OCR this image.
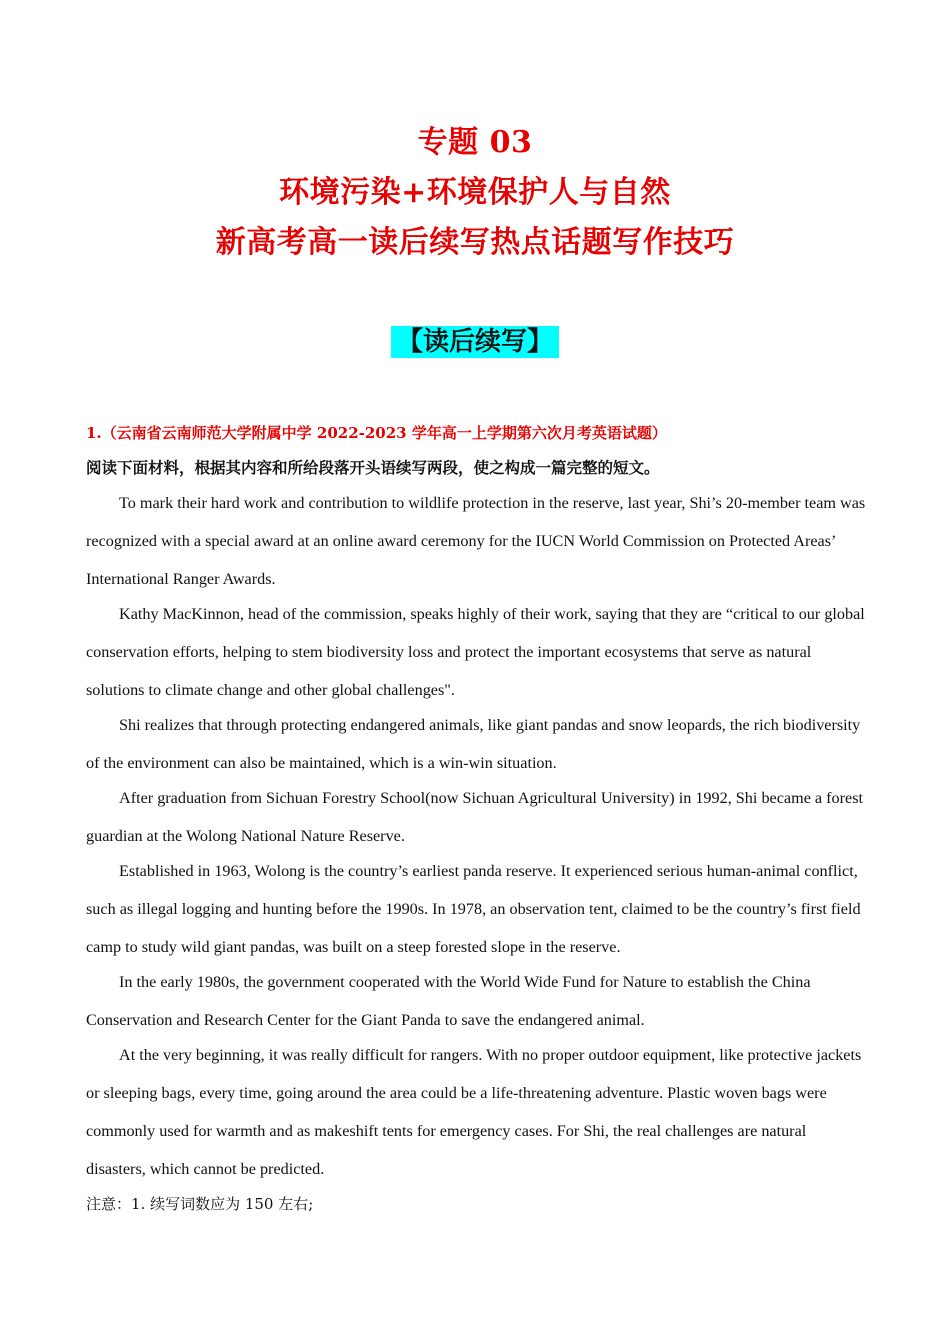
专题 03
环境污染+环境保护人与自然
新高考高一读后续写热点话题写作技巧
【读后续写】
1.（云南省云南师范大学附属中学 2022-2023 学年高一上学期第六次月考英语试题）
阅读下面材料，根据其内容和所给段落开头语续写两段，使之构成一篇完整的短文。

To mark their hard work and contribution to wildlife protection in the reserve, last year, Shi’s 20-member team was recognized with a special award at an online award ceremony for the IUCN World Commission on Protected Areas’ International Ranger Awards.

Kathy MacKinnon, head of the commission, speaks highly of their work, saying that they are “critical to our global conservation efforts, helping to stem biodiversity loss and protect the important ecosystems that serve as natural solutions to climate change and other global challenges".

Shi realizes that through protecting endangered animals, like giant pandas and snow leopards, the rich biodiversity of the environment can also be maintained, which is a win-win situation.

After graduation from Sichuan Forestry School(now Sichuan Agricultural University) in 1992, Shi became a forest guardian at the Wolong National Nature Reserve.

Established in 1963, Wolong is the country’s earliest panda reserve. It experienced serious human-animal conflict, such as illegal logging and hunting before the 1990s. In 1978, an observation tent, claimed to be the country’s first field camp to study wild giant pandas, was built on a steep forested slope in the reserve.

In the early 1980s, the government cooperated with the World Wide Fund for Nature to establish the China Conservation and Research Center for the Giant Panda to save the endangered animal.

At the very beginning, it was really difficult for rangers. With no proper outdoor equipment, like protective jackets or sleeping bags, every time, going around the area could be a life-threatening adventure. Plastic woven bags were commonly used for warmth and as makeshift tents for emergency cases. For Shi, the real challenges are natural disasters, which cannot be predicted.

注意：1. 续写词数应为 150 左右;
